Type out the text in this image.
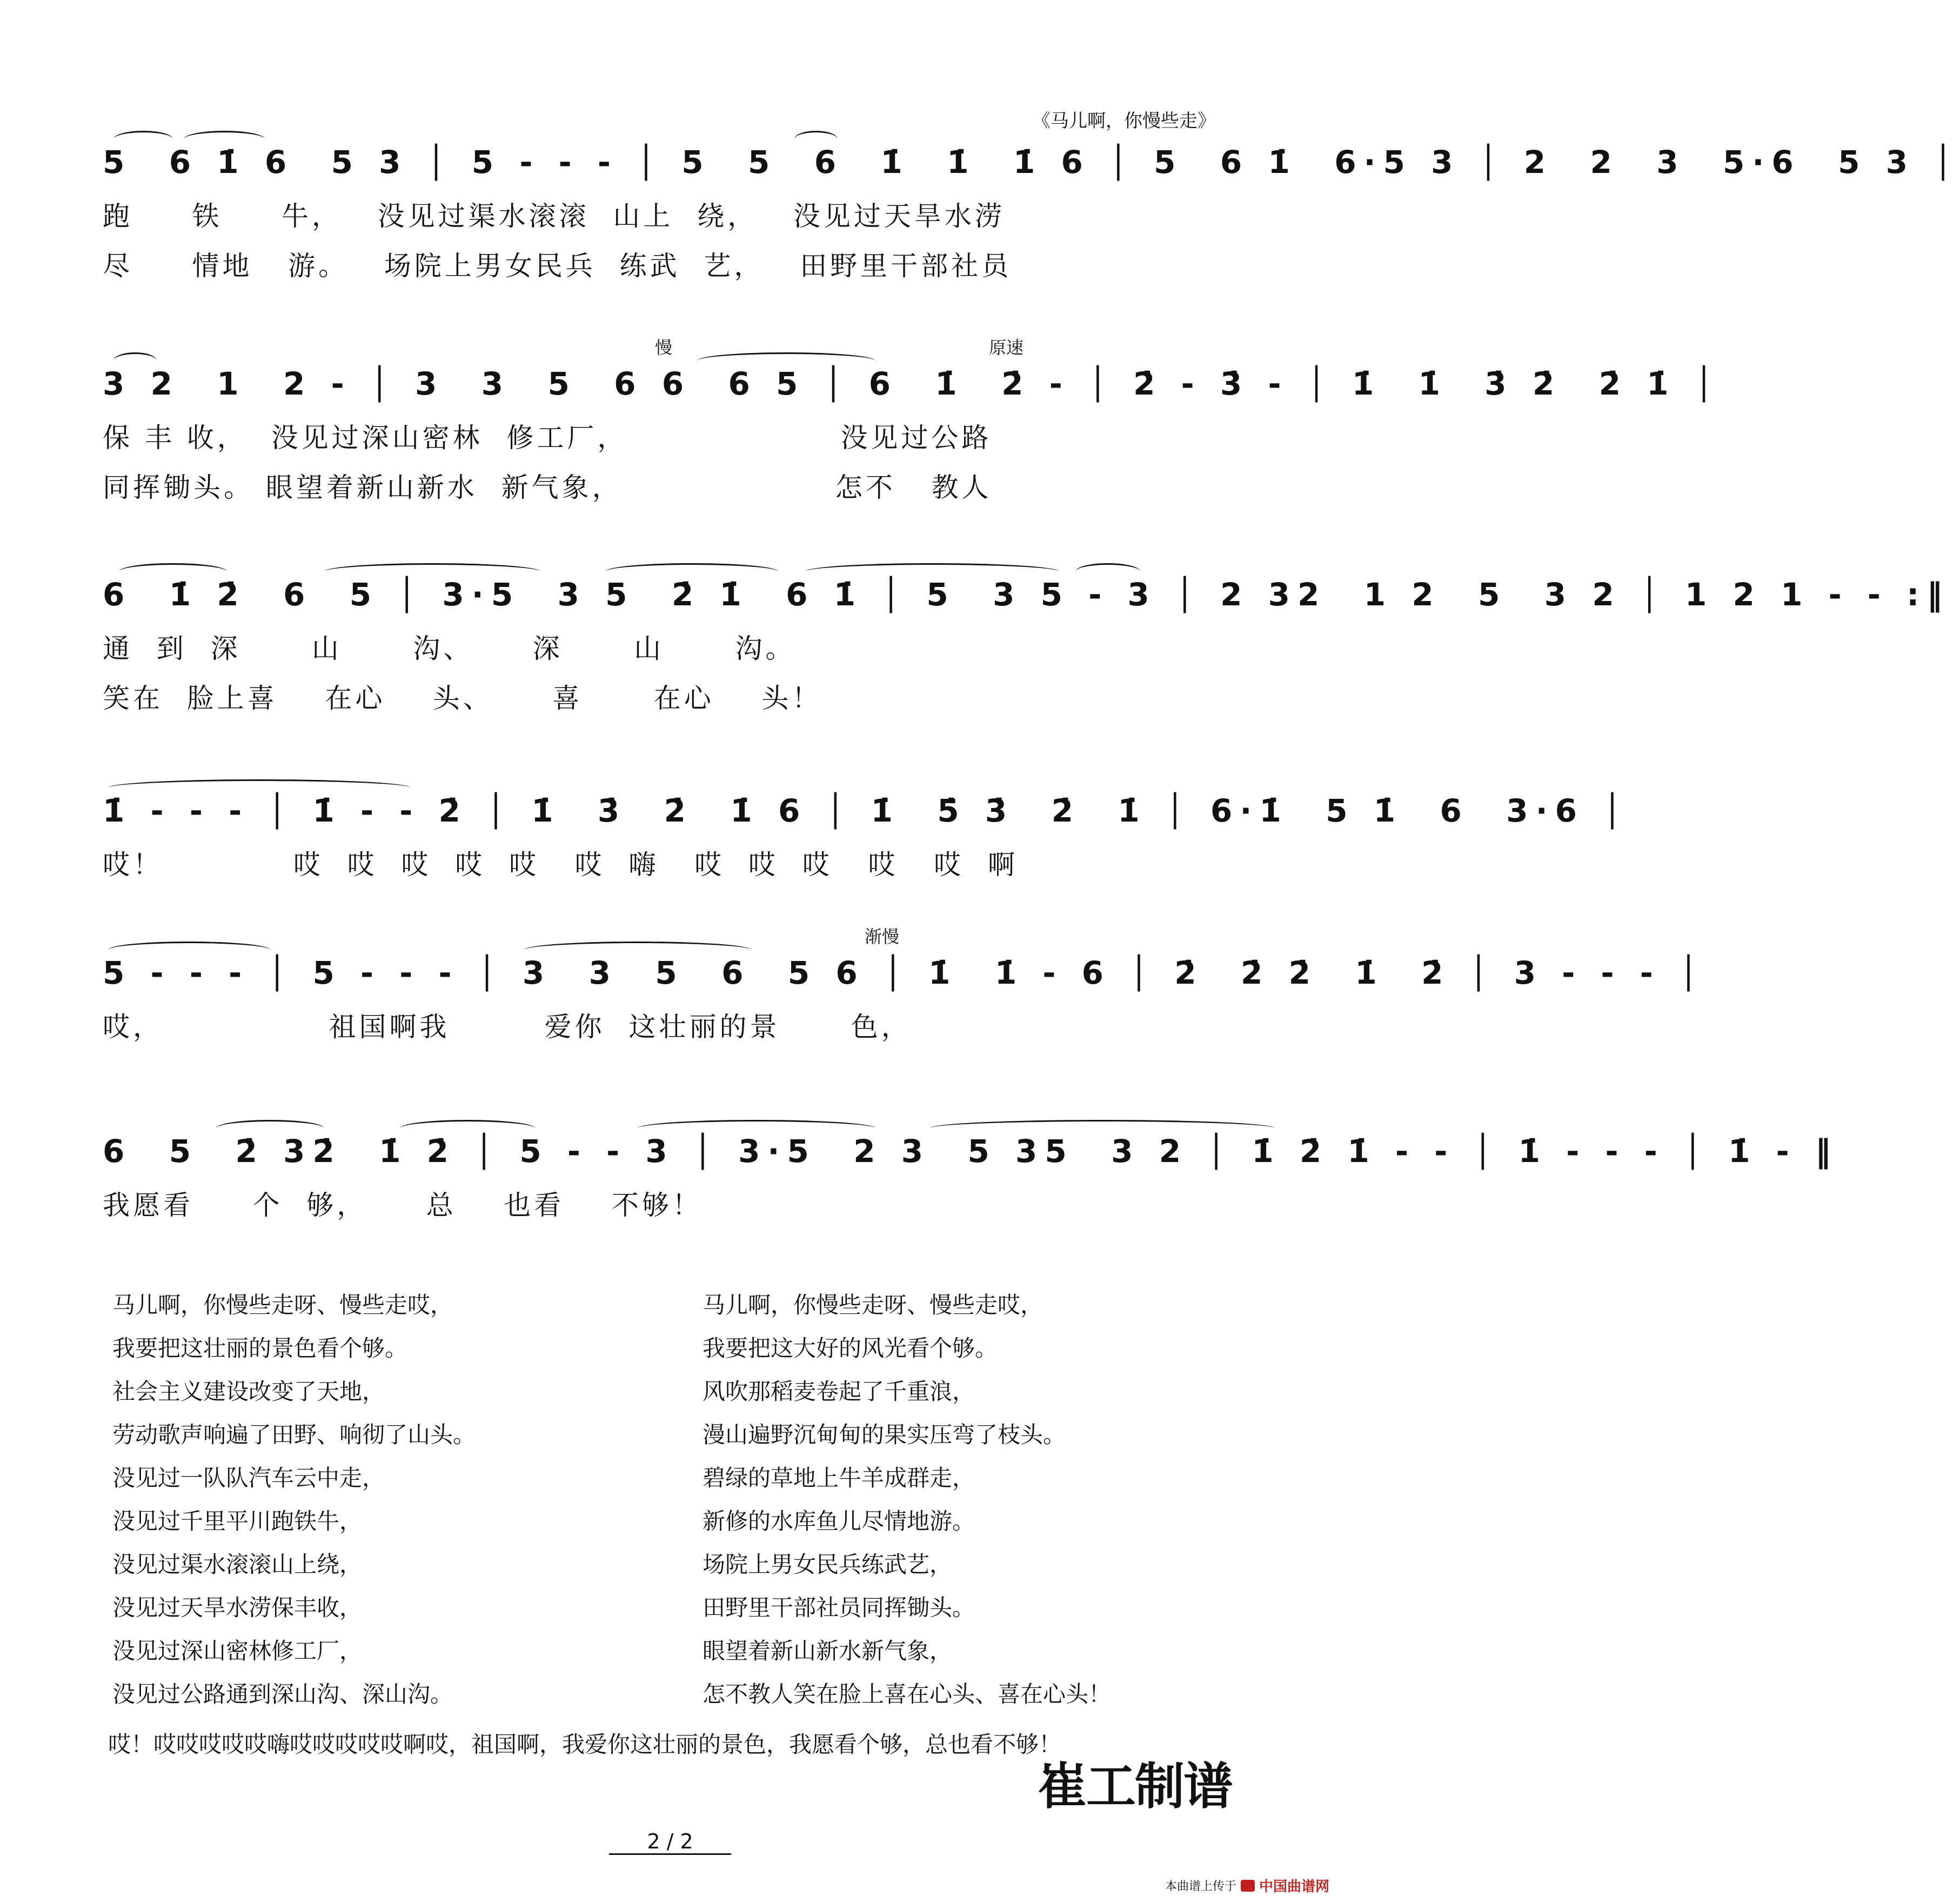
《马儿啊，你慢些走》
5  6 1̇ 6  5 3 │ 5 - - - │ 5  5  6  1̇  1̇  1̇ 6 │ 5  6 1̇  6·5 3 │ 2  2  3  5·6  5 3 │
跑     铁     牛，   没见过渠水滚滚  山上  绕，   没见过天旱水涝
尽     情地   游。   场院上男女民兵  练武  艺，   田野里干部社员
慢	原速
3 2  1  2 - │ 3  3  5  6 6  6 5 │ 6  1̇  2̇ - │ 2̇ - 3̇ - │ 1̇  1̇  3̇ 2̇  2̇ 1̇ │
保 丰 收，  没见过深山密林  修工厂，                  没见过公路
同挥锄头。 眼望着新山新水  新气象，                  怎不   教人
6  1̇ 2̇  6  5 │ 3·5  3 5  2̇ 1̇  6 1̇ │ 5  3 5 - 3 │ 2 32  1 2  5  3 2 │ 1 2 1 - - :‖
通  到  深      山      沟、     深      山      沟。
笑在  脸上喜    在心    头、     喜      在心    头！
1̇ - - - │ 1̇ - - 2̇ │ 1̇  3̇  2̇  1̇ 6 │ 1̇  5̇ 3̇  2̇  1̇ │ 6·1̇  5 1̇  6  3·6 │
哎！           哎  哎  哎  哎  哎   哎  嗨   哎  哎  哎   哎   哎  啊
渐慢
5 - - - │ 5 - - - │ 3  3  5  6  5 6 │ 1̇  1̇ - 6 │ 2̇  2̇ 2̇  1̇  2̇ │ 3 - - - │
哎，              祖国啊我        爱你  这壮丽的景      色，
6  5  2̇ 32̇  1̇ 2̇ │ 5 - - 3 │ 3·5  2 3  5 35  3 2 │ 1̇ 2̇ 1̇ - - │ 1̇ - - - │ 1̇ - ‖
我愿看     个  够，     总    也看    不够！
马儿啊，你慢些走呀、慢些走哎，
我要把这壮丽的景色看个够。
社会主义建设改变了天地，
劳动歌声响遍了田野、响彻了山头。
没见过一队队汽车云中走，
没见过千里平川跑铁牛，
没见过渠水滚滚山上绕，
没见过天旱水涝保丰收，
没见过深山密林修工厂，
没见过公路通到深山沟、深山沟。
马儿啊，你慢些走呀、慢些走哎，
我要把这大好的风光看个够。
风吹那稻麦卷起了千重浪，
漫山遍野沉甸甸的果实压弯了枝头。
碧绿的草地上牛羊成群走，
新修的水库鱼儿尽情地游。
场院上男女民兵练武艺，
田野里干部社员同挥锄头。
眼望着新山新水新气象，
怎不教人笑在脸上喜在心头、喜在心头！
哎！哎哎哎哎哎嗨哎哎哎哎哎啊哎，祖国啊，我爱你这壮丽的景色，我愿看个够，总也看不够！
崔工制谱
2 / 2
本曲谱上传于 中国曲谱网
